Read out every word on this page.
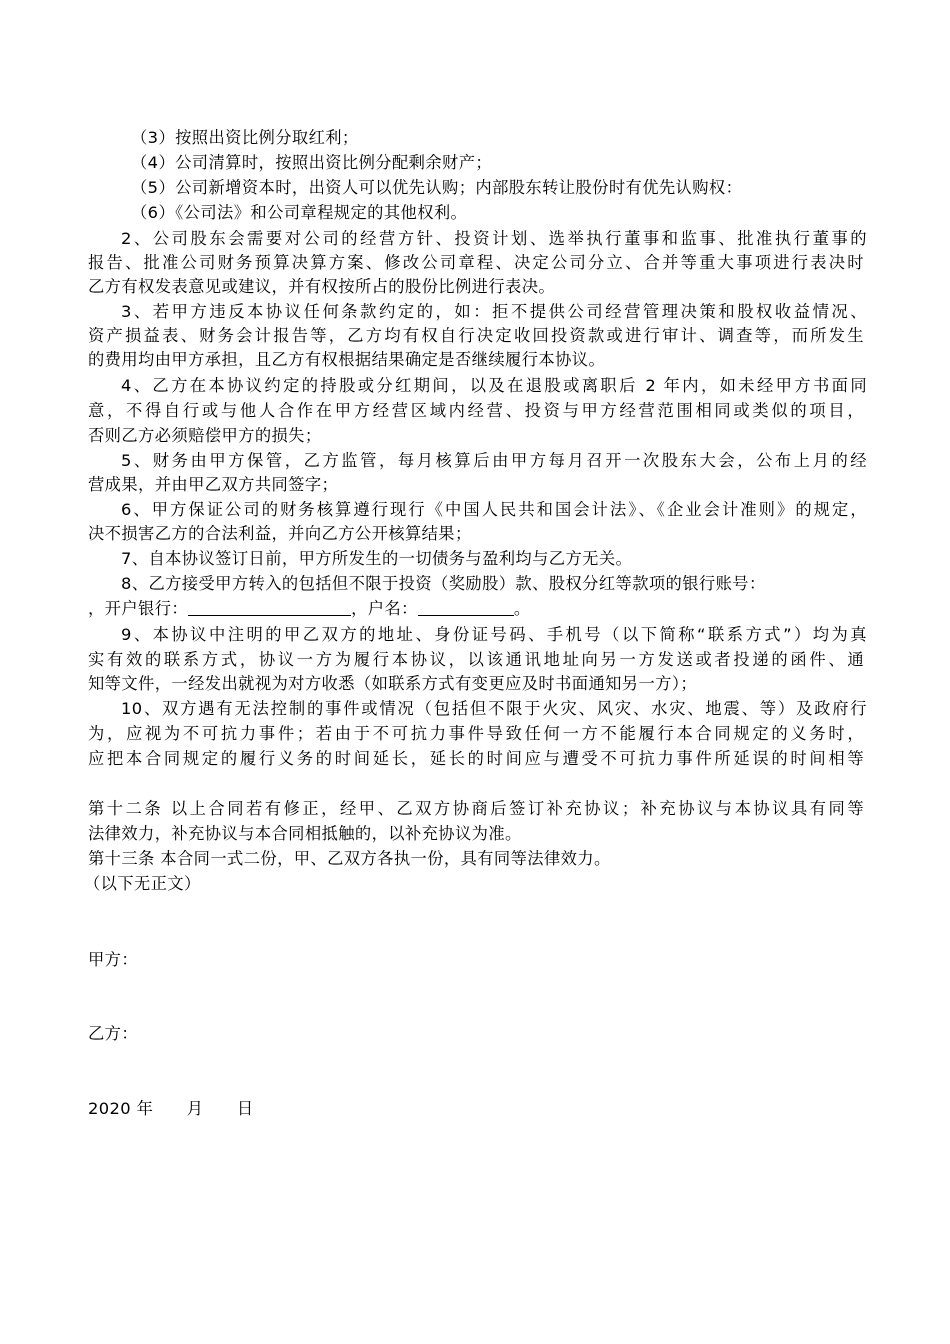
（3）按照出资比例分取红利；

（4）公司清算时，按照出资比例分配剩余财产；

（5）公司新增资本时，出资人可以优先认购；内部股东转让股份时有优先认购权：

（6）《公司法》和公司章程规定的其他权利。

2、公司股东会需要对公司的经营方针、投资计划、选举执行董事和监事、批准执行董事的

报告、批准公司财务预算决算方案、修改公司章程、决定公司分立、合并等重大事项进行表决时

乙方有权发表意见或建议，并有权按所占的股份比例进行表决。

3、若甲方违反本协议任何条款约定的，如：拒不提供公司经营管理决策和股权收益情况、

资产损益表、财务会计报告等，乙方均有权自行决定收回投资款或进行审计、调查等，而所发生

的费用均由甲方承担，且乙方有权根据结果确定是否继续履行本协议。

4、乙方在本协议约定的持股或分红期间，以及在退股或离职后 2 年内，如未经甲方书面同

意，不得自行或与他人合作在甲方经营区域内经营、投资与甲方经营范围相同或类似的项目，

否则乙方必须赔偿甲方的损失；

5、财务由甲方保管，乙方监管，每月核算后由甲方每月召开一次股东大会，公布上月的经

营成果，并由甲乙双方共同签字；

6、甲方保证公司的财务核算遵行现行《中国人民共和国会计法》、《企业会计准则》的规定，

决不损害乙方的合法利益，并向乙方公开核算结果；

7、自本协议签订日前，甲方所发生的一切债务与盈利均与乙方无关。

8、乙方接受甲方转入的包括但不限于投资（奖励股）款、股权分红等款项的银行账号：

，开户银行：	，户名：	。

9、本协议中注明的甲乙双方的地址、身份证号码、手机号（以下简称“联系方式”）均为真

实有效的联系方式，协议一方为履行本协议，以该通讯地址向另一方发送或者投递的函件、通

知等文件，一经发出就视为对方收悉（如联系方式有变更应及时书面通知另一方）；

10、双方遇有无法控制的事件或情况（包括但不限于火灾、风灾、水灾、地震、等）及政府行

为，应视为不可抗力事件；若由于不可抗力事件导致任何一方不能履行本合同规定的义务时，

应把本合同规定的履行义务的时间延长，延长的时间应与遭受不可抗力事件所延误的时间相等

第十二条 以上合同若有修正，经甲、乙双方协商后签订补充协议；补充协议与本协议具有同等

法律效力，补充协议与本合同相抵触的，以补充协议为准。

第十三条 本合同一式二份，甲、乙双方各执一份，具有同等法律效力。

（以下无正文）

甲方：

乙方：

2020 年      月      日
